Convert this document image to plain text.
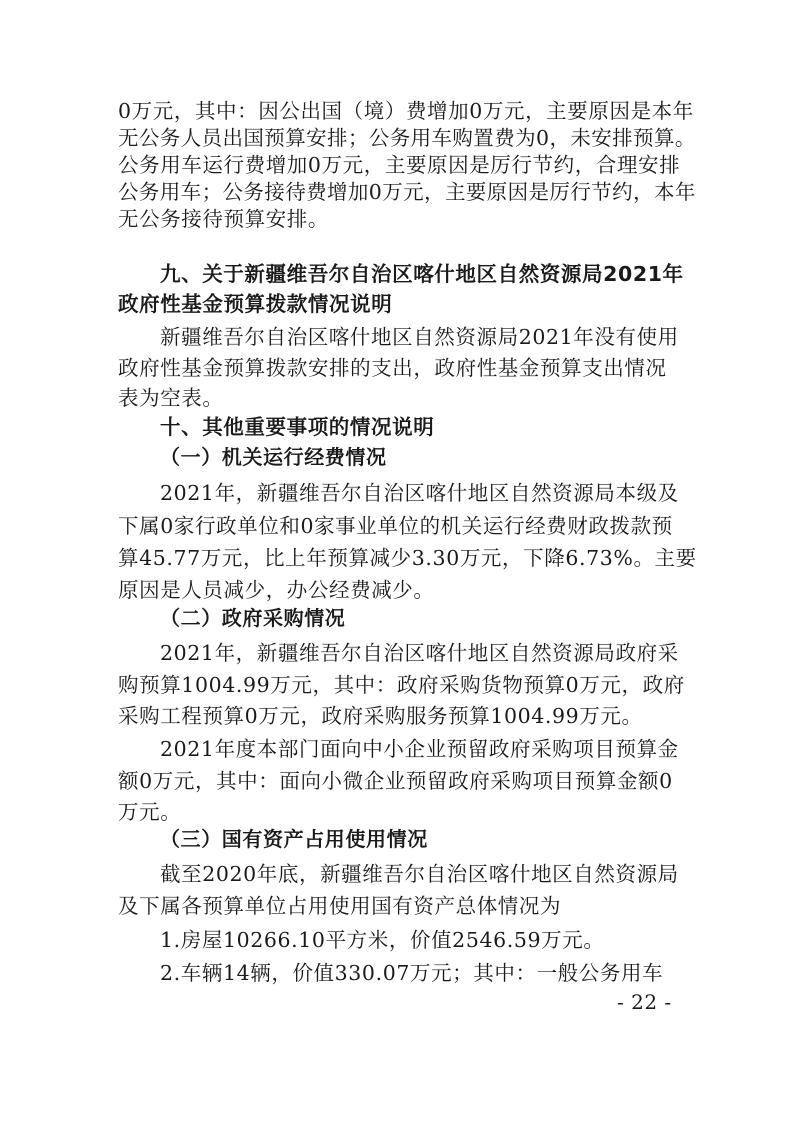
0万元，其中：因公出国（境）费增加0万元，主要原因是本年
无公务人员出国预算安排；公务用车购置费为0，未安排预算。
公务用车运行费增加0万元，主要原因是厉行节约，合理安排
公务用车；公务接待费增加0万元，主要原因是厉行节约，本年
无公务接待预算安排。
九、关于新疆维吾尔自治区喀什地区自然资源局2021年
政府性基金预算拨款情况说明
新疆维吾尔自治区喀什地区自然资源局2021年没有使用
政府性基金预算拨款安排的支出，政府性基金预算支出情况
表为空表。
十、其他重要事项的情况说明
（一）机关运行经费情况
2021年，新疆维吾尔自治区喀什地区自然资源局本级及
下属0家行政单位和0家事业单位的机关运行经费财政拨款预
算45.77万元，比上年预算减少3.30万元，下降6.73%。主要
原因是人员减少，办公经费减少。
（二）政府采购情况
2021年，新疆维吾尔自治区喀什地区自然资源局政府采
购预算1004.99万元，其中：政府采购货物预算0万元，政府
采购工程预算0万元，政府采购服务预算1004.99万元。
2021年度本部门面向中小企业预留政府采购项目预算金
额0万元，其中：面向小微企业预留政府采购项目预算金额0
万元。
（三）国有资产占用使用情况
截至2020年底，新疆维吾尔自治区喀什地区自然资源局
及下属各预算单位占用使用国有资产总体情况为
1.房屋10266.10平方米，价值2546.59万元。
2.车辆14辆，价值330.07万元；其中：一般公务用车
- 22 -
